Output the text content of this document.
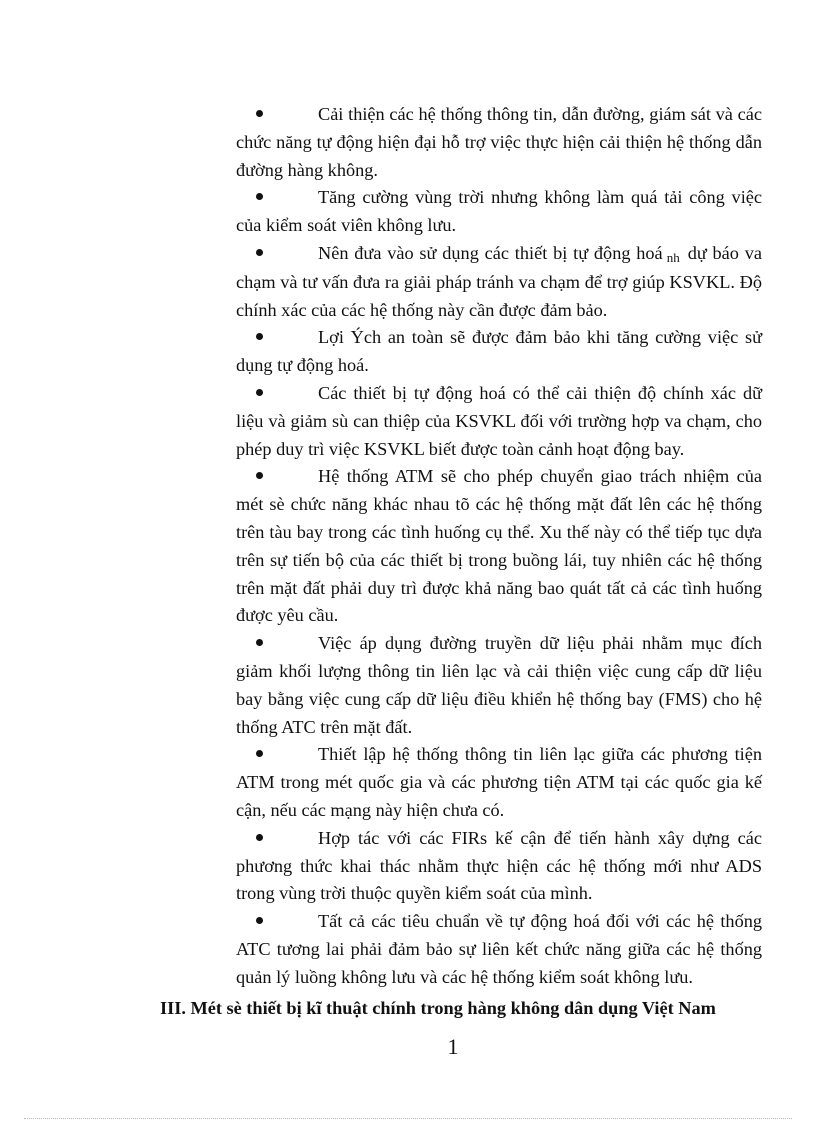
Cải thiện các hệ thống thông tin, dẫn đường, giám sát và các chức năng tự động hiện đại hỗ trợ việc thực hiện cải thiện hệ thống dẫn đường hàng không.

Tăng cường vùng trời nhưng không làm quá tải công việc của kiểm soát viên không lưu.

Nên đưa vào sử dụng các thiết bị tự động hoá nh dự báo va chạm và tư vấn đưa ra giải pháp tránh va chạm để trợ giúp KSVKL. Độ chính xác của các hệ thống này cần được đảm bảo.

Lợi Ých an toàn sẽ được đảm bảo khi tăng cường việc sử dụng tự động hoá.

Các thiết bị tự động hoá có thể cải thiện độ chính xác dữ liệu và giảm sù can thiệp của KSVKL đối với trường hợp va chạm, cho phép duy trì việc KSVKL biết được toàn cảnh hoạt động bay.

Hệ thống ATM sẽ cho phép chuyển giao trách nhiệm của mét sè chức năng khác nhau tõ các hệ thống mặt đất lên các hệ thống trên tàu bay trong các tình huống cụ thể. Xu thế này có thể tiếp tục dựa trên sự tiến bộ của các thiết bị trong buồng lái, tuy nhiên các hệ thống trên mặt đất phải duy trì được khả năng bao quát tất cả các tình huống được yêu cầu.

Việc áp dụng đường truyền dữ liệu phải nhằm mục đích giảm khối lượng thông tin liên lạc và cải thiện việc cung cấp dữ liệu bay bằng việc cung cấp dữ liệu điều khiển hệ thống bay (FMS) cho hệ thống ATC trên mặt đất.

Thiết lập hệ thống thông tin liên lạc giữa các phương tiện ATM trong mét quốc gia và các phương tiện ATM tại các quốc gia kế cận, nếu các mạng này hiện chưa có.

Hợp tác với các FIRs kế cận để tiến hành xây dựng các phương thức khai thác nhằm thực hiện các hệ thống mới như ADS trong vùng trời thuộc quyền kiểm soát của mình.

Tất cả các tiêu chuẩn về tự động hoá đối với các hệ thống ATC tương lai phải đảm bảo sự liên kết chức năng giữa các hệ thống quản lý luồng không lưu và các hệ thống kiểm soát không lưu.

III. Mét sè thiết bị kĩ thuật chính trong hàng không dân dụng Việt Nam
1
